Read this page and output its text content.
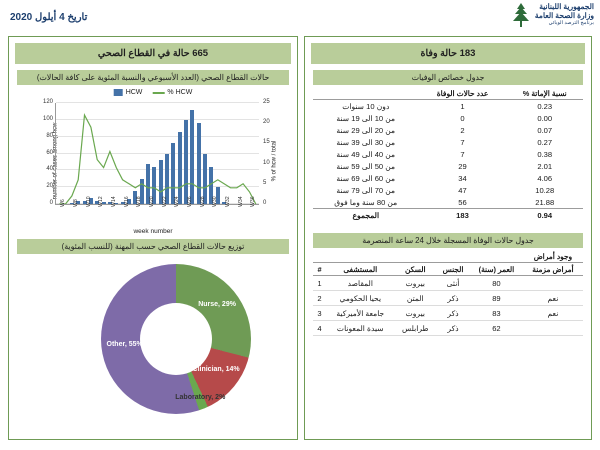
الجمهورية اللبنانية
وزارة الصحة العامة
برنامج الترصد الوبائي
تاريخ 4 أيلول 2020
665 حالة في القطاع الصحي
حالات القطاع الصحي (العدد الأسبوعي والنسبة المئوية على كافة الحالات)
HCW	% HCW
number of cases among hcw	% of hcw / total
week number
0
20
40
60
80
100
120
0
5
10
15
20
25
W6 W8 W10 W12 W14 W16 W18 W20 W22 W24 W26 W28 W30 W32 W34 W36
توزيع حالات القطاع الصحي حسب المهنة (للنسب المئوية)
Nurse, 29%
Clinician, 14%
Laboratory, 2%
Other, 55%
183 حالة وفاة
جدول خصائص الوفيات
نسبة الإماتة %	عدد حالات الوفاة	
0.23	1	دون 10 سنوات
0.00	0	من 10 الى 19 سنة
0.07	2	من 20 الى 29 سنة
0.27	7	من 30 الى 39 سنة
0.38	7	من 40 الى 49 سنة
2.01	29	من 50 الى 59 سنة
4.06	34	من 60 الى 69 سنة
10.28	47	من 70 الى 79 سنة
21.88	56	من 80 سنة وما فوق
0.94	183	المجموع
جدول حالات الوفاة المسجلة خلال 24 ساعة المنصرمة
وجود أمراض					
أمراض مزمنة	العمر (سنة)	الجنس	السكن	المستشفى	#
	80	أنثى	بيروت	المقاصد	1
نعم	89	ذكر	المتن	يحيا الحكومي	2
نعم	83	ذكر	بيروت	جامعة الأميركية	3
	62	ذكر	طرابلس	سيدة المعونات	4
